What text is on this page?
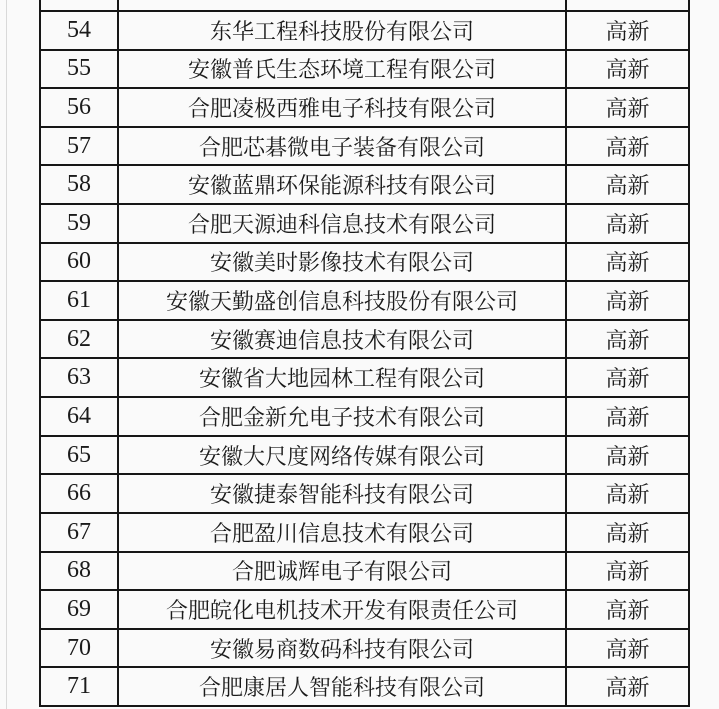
54	东华工程科技股份有限公司	高新
55	安徽普氏生态环境工程有限公司	高新
56	合肥凌极西雅电子科技有限公司	高新
57	合肥芯碁微电子装备有限公司	高新
58	安徽蓝鼎环保能源科技有限公司	高新
59	合肥天源迪科信息技术有限公司	高新
60	安徽美时影像技术有限公司	高新
61	安徽天勤盛创信息科技股份有限公司	高新
62	安徽赛迪信息技术有限公司	高新
63	安徽省大地园林工程有限公司	高新
64	合肥金新允电子技术有限公司	高新
65	安徽大尺度网络传媒有限公司	高新
66	安徽捷泰智能科技有限公司	高新
67	合肥盈川信息技术有限公司	高新
68	合肥诚辉电子有限公司	高新
69	合肥皖化电机技术开发有限责任公司	高新
70	安徽易商数码科技有限公司	高新
71	合肥康居人智能科技有限公司	高新
